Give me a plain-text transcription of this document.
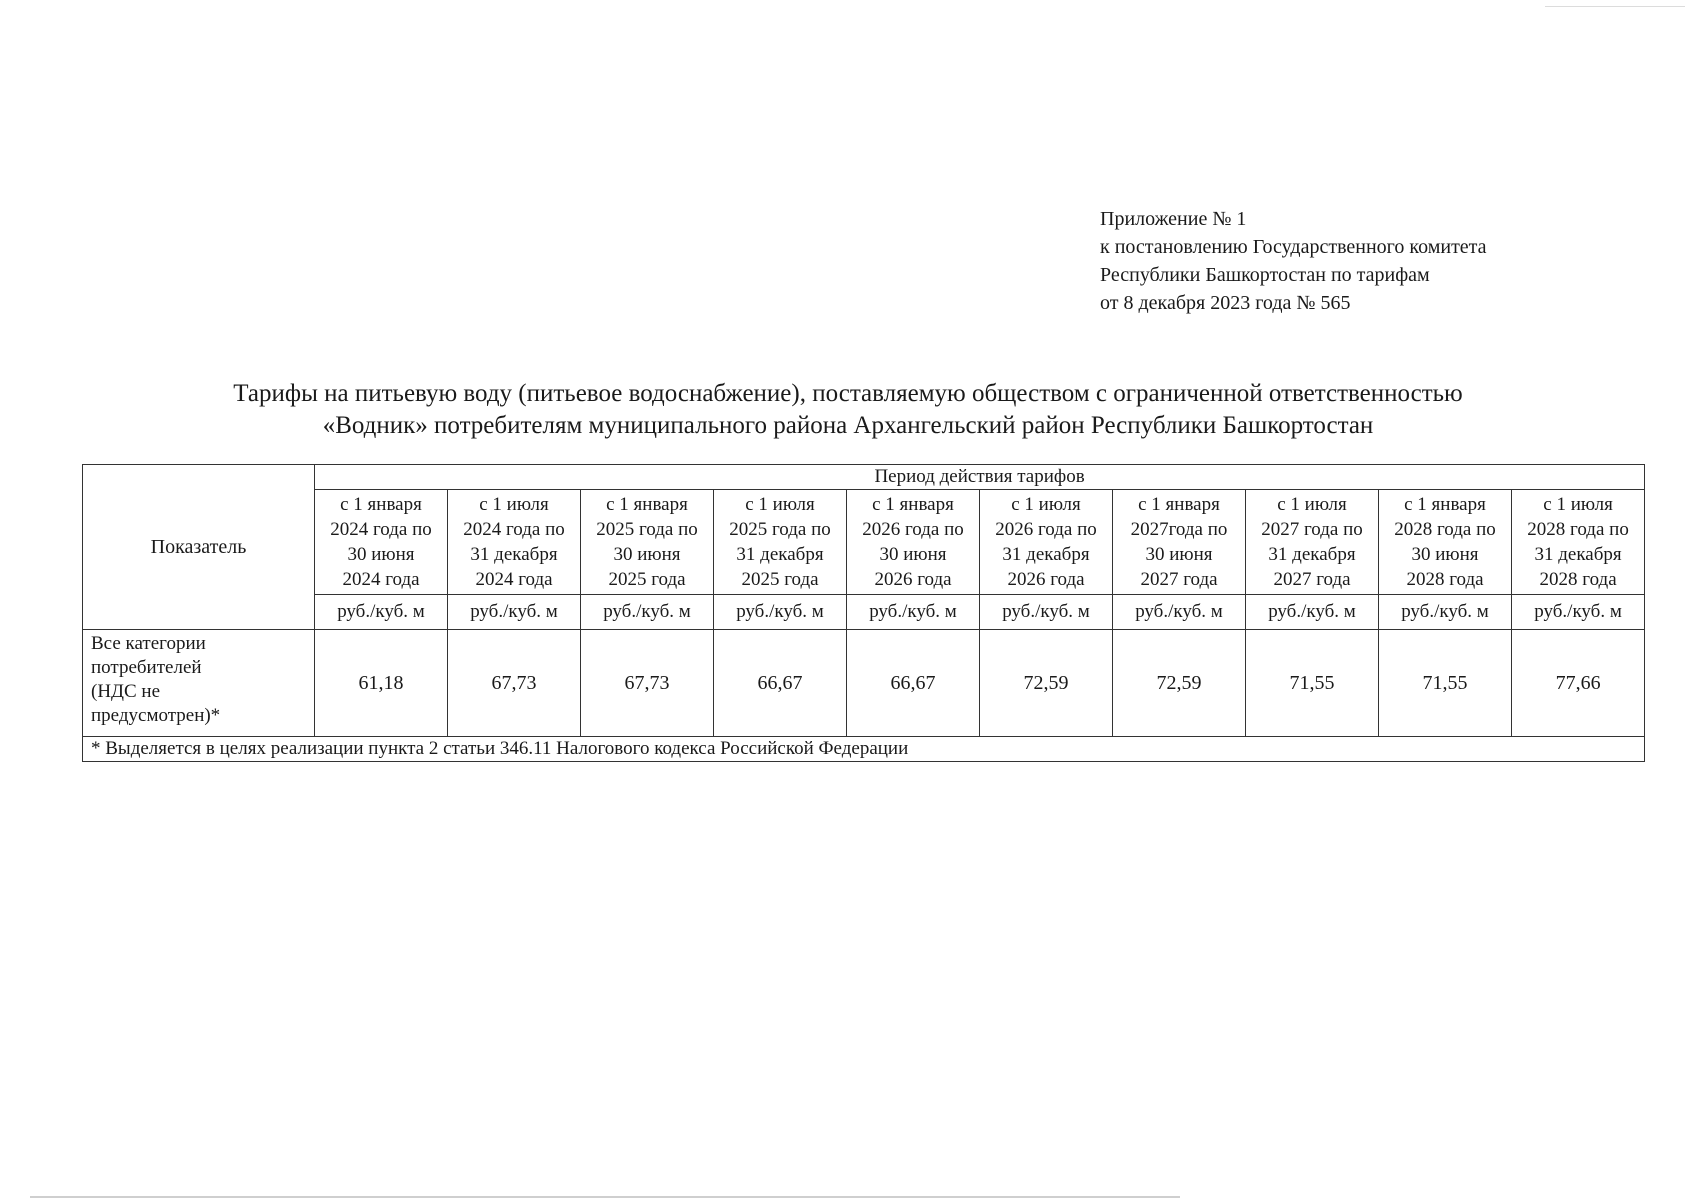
Приложение № 1
к постановлению Государственного комитета
Республики Башкортостан по тарифам
от 8 декабря 2023 года № 565
Тарифы на питьевую воду (питьевое водоснабжение), поставляемую обществом с ограниченной ответственностью
«Водник» потребителям муниципального района Архангельский район Республики Башкортостан
Показатель	Период действия тарифов									

	с 1 января
2024 года по
30 июня
2024 года	с 1 июля
2024 года по
31 декабря
2024 года	с 1 января
2025 года по
30 июня
2025 года	с 1 июля
2025 года по
31 декабря
2025 года	с 1 января
2026 года по
30 июня
2026 года	с 1 июля
2026 года по
31 декабря
2026 года	с 1 января
2027года по
30 июня
2027 года	с 1 июля
2027 года по
31 декабря
2027 года	с 1 января
2028 года по
30 июня
2028 года	с 1 июля
2028 года по
31 декабря
2028 года

	руб./куб. м	руб./куб. м	руб./куб. м	руб./куб. м	руб./куб. м	руб./куб. м	руб./куб. м	руб./куб. м	руб./куб. м	руб./куб. м

Все категории
потребителей
(НДС не
предусмотрен)*	61,18	67,73	67,73	66,67	66,67	72,59	72,59	71,55	71,55	77,66
* Выделяется в целях реализации пункта 2 статьи 346.11 Налогового кодекса Российской Федерации										
